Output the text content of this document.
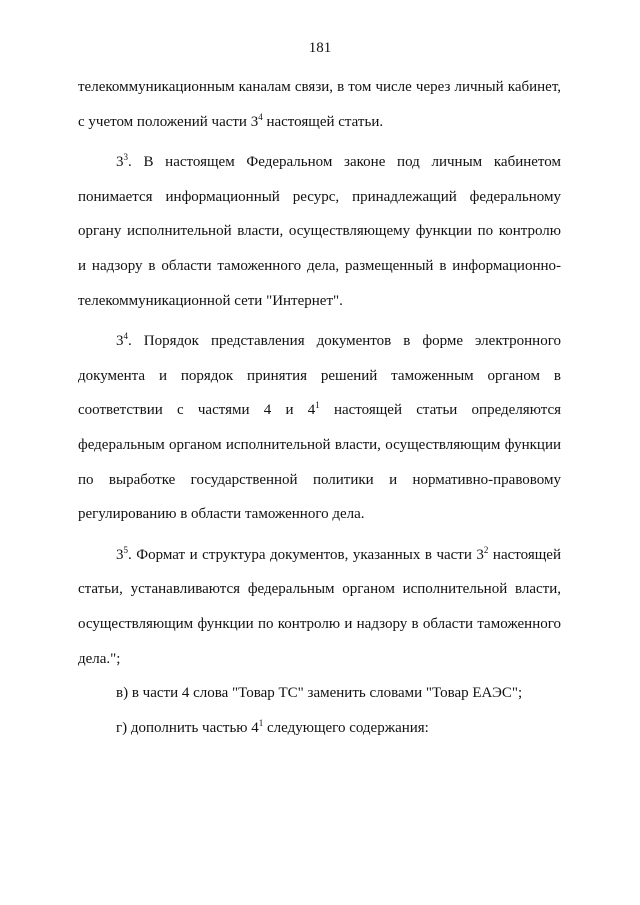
181

телекоммуникационным каналам связи, в том числе через личный кабинет, с учетом положений части $3^4$ настоящей статьи.

$3^3$. В настоящем Федеральном законе под личным кабинетом понимается информационный ресурс, принадлежащий федеральному органу исполнительной власти, осуществляющему функции по контролю и надзору в области таможенного дела, размещенный в информационно-телекоммуникационной сети "Интернет".

$3^4$. Порядок представления документов в форме электронного документа и порядок принятия решений таможенным органом в соответствии с частями 4 и $4^1$ настоящей статьи определяются федеральным органом исполнительной власти, осуществляющим функции по выработке государственной политики и нормативно-правовому регулированию в области таможенного дела.

$3^5$. Формат и структура документов, указанных в части $3^2$ настоящей статьи, устанавливаются федеральным органом исполнительной власти, осуществляющим функции по контролю и надзору в области таможенного дела.";

в) в части 4 слова "Товар ТС" заменить словами "Товар ЕАЭС";

г) дополнить частью $4^1$ следующего содержания:
